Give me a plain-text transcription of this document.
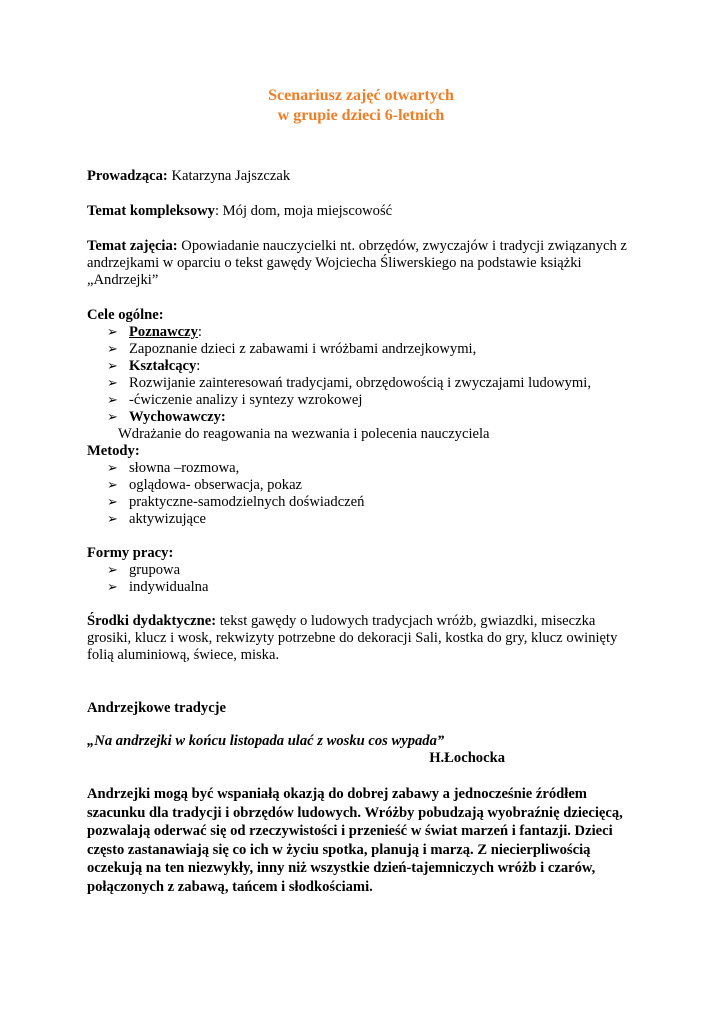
Scenariusz zajęć otwartych
w grupie dzieci 6-letnich

Prowadząca: Katarzyna Jajszczak

Temat kompleksowy: Mój dom, moja miejscowość

Temat zajęcia: Opowiadanie nauczycielki nt. obrzędów, zwyczajów i tradycji związanych z andrzejkami w oparciu o tekst gawędy Wojciecha Śliwerskiego na podstawie książki „Andrzejki”

Cele ogólne:

➢ Poznawczy:
➢ Zapoznanie dzieci z zabawami i wróżbami andrzejkowymi,
➢ Kształcący:
➢ Rozwijanie zainteresowań tradycjami, obrzędowością i zwyczajami ludowymi,
➢ -ćwiczenie analizy i syntezy wzrokowej
➢ Wychowawczy:

Wdrażanie do reagowania na wezwania i polecenia nauczyciela

Metody:

➢ słowna –rozmowa,
➢ oglądowa- obserwacja, pokaz
➢ praktyczne-samodzielnych doświadczeń
➢ aktywizujące

Formy pracy:

➢ grupowa
➢ indywidualna

Środki dydaktyczne: tekst gawędy o ludowych tradycjach wróżb, gwiazdki, miseczka grosiki, klucz i wosk, rekwizyty potrzebne do dekoracji Sali, kostka do gry, klucz owinięty folią aluminiową, świece, miska.

Andrzejkowe tradycje

„Na andrzejki w końcu listopada ulać z wosku cos wypada”

H.Łochocka

Andrzejki mogą być wspaniałą okazją do dobrej zabawy a jednocześnie źródłem szacunku dla tradycji i obrzędów ludowych. Wróżby pobudzają wyobraźnię dziecięcą, pozwalają oderwać się od rzeczywistości i przenieść w świat marzeń i fantazji. Dzieci często zastanawiają się co ich w życiu spotka, planują i marzą. Z niecierpliwością oczekują na ten niezwykły, inny niż wszystkie dzień-tajemniczych wróżb i czarów, połączonych z zabawą, tańcem i słodkościami.
